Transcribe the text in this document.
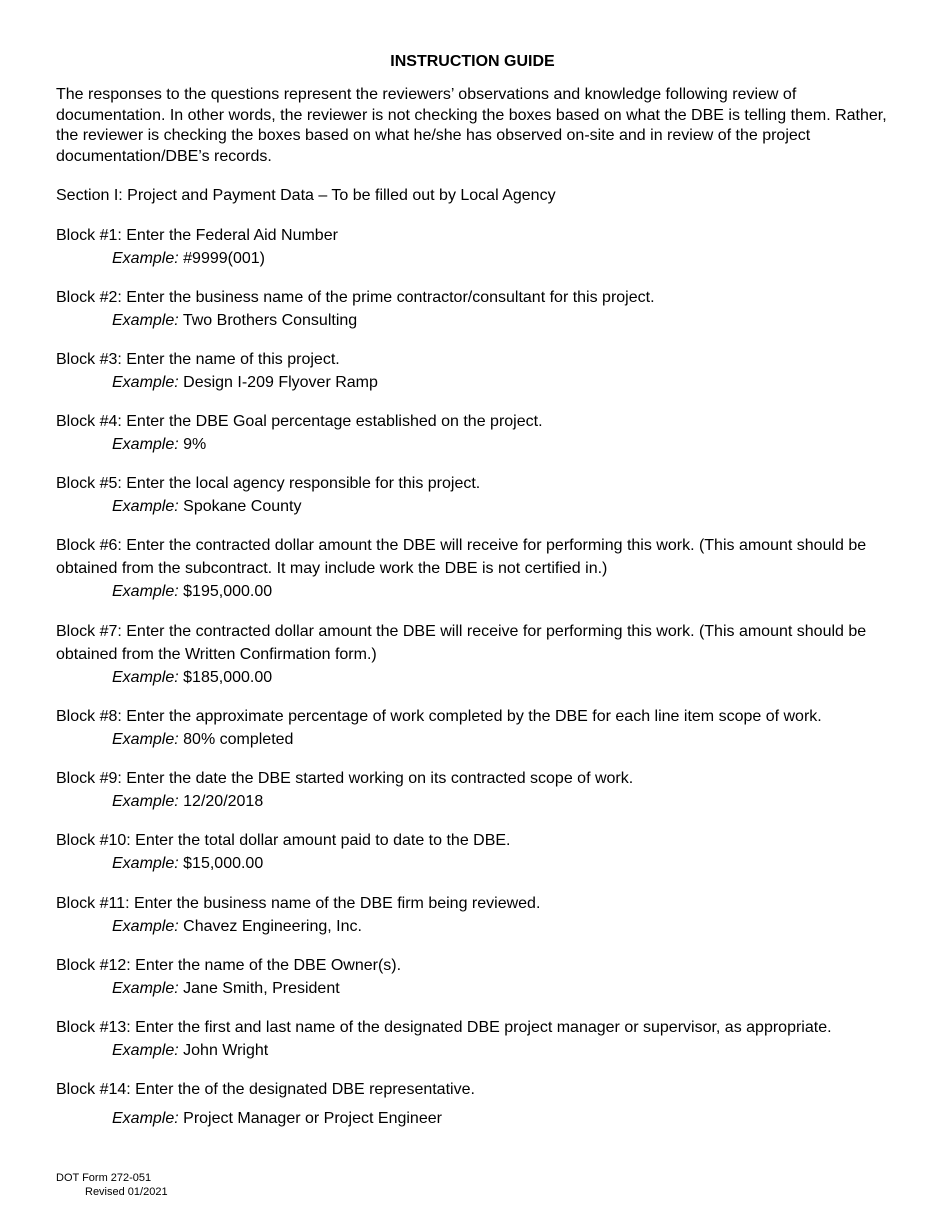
INSTRUCTION GUIDE

The responses to the questions represent the reviewers’ observations and knowledge following review of documentation. In other words, the reviewer is not checking the boxes based on what the DBE is telling them. Rather, the reviewer is checking the boxes based on what he/she has observed on-site and in review of the project documentation/DBE’s records.

Section I: Project and Payment Data – To be filled out by Local Agency

Block #1: Enter the Federal Aid Number

Example: #9999(001)

Block #2: Enter the business name of the prime contractor/consultant for this project.

Example: Two Brothers Consulting

Block #3: Enter the name of this project.

Example: Design I-209 Flyover Ramp

Block #4: Enter the DBE Goal percentage established on the project.

Example: 9%

Block #5: Enter the local agency responsible for this project.

Example: Spokane County

Block #6: Enter the contracted dollar amount the DBE will receive for performing this work. (This amount should be obtained from the subcontract. It may include work the DBE is not certified in.)

Example: $195,000.00

Block #7: Enter the contracted dollar amount the DBE will receive for performing this work. (This amount should be obtained from the Written Confirmation form.)

Example: $185,000.00

Block #8: Enter the approximate percentage of work completed by the DBE for each line item scope of work.

Example: 80% completed

Block #9: Enter the date the DBE started working on its contracted scope of work.

Example: 12/20/2018

Block #10: Enter the total dollar amount paid to date to the DBE.

Example: $15,000.00

Block #11: Enter the business name of the DBE firm being reviewed.

Example: Chavez Engineering, Inc.

Block #12: Enter the name of the DBE Owner(s).

Example: Jane Smith, President

Block #13: Enter the first and last name of the designated DBE project manager or supervisor, as appropriate.

Example: John Wright

Block #14: Enter the of the designated DBE representative.

Example: Project Manager or Project Engineer

DOT Form 272-051
Revised 01/2021
